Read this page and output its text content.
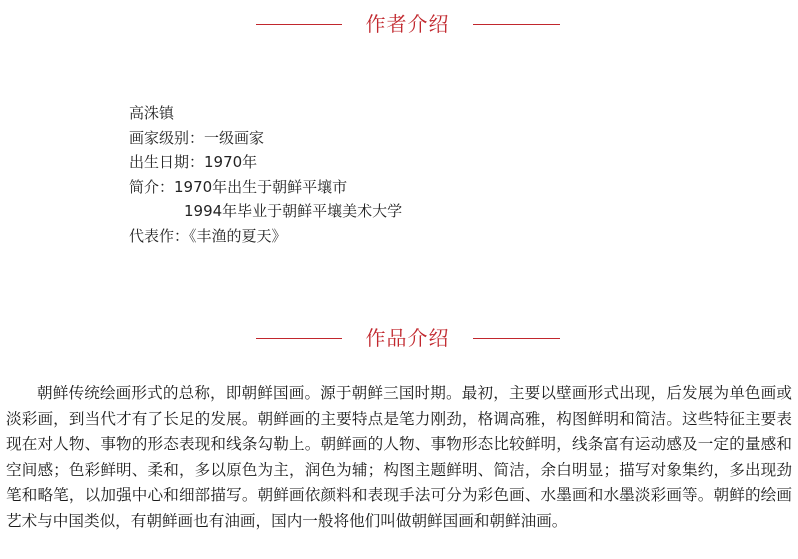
作者介绍
高洙镇
画家级别：一级画家
出生日期：1970年
简介：1970年出生于朝鲜平壤市
1994年毕业于朝鲜平壤美术大学
代表作：《丰渔的夏天》
作品介绍

朝鲜传统绘画形式的总称，即朝鲜国画。源于朝鲜三国时期。最初，主要以壁画形式出现，后发展为单色画或淡彩画，到当代才有了长足的发展。朝鲜画的主要特点是笔力刚劲，格调高雅，构图鲜明和简洁。这些特征主要表现在对人物、事物的形态表现和线条勾勒上。朝鲜画的人物、事物形态比较鲜明，线条富有运动感及一定的量感和空间感；色彩鲜明、柔和，多以原色为主，润色为辅；构图主题鲜明、简洁，余白明显；描写对象集约，多出现劲笔和略笔，以加强中心和细部描写。朝鲜画依颜料和表现手法可分为彩色画、水墨画和水墨淡彩画等。朝鲜的绘画艺术与中国类似，有朝鲜画也有油画，国内一般将他们叫做朝鲜国画和朝鲜油画。
